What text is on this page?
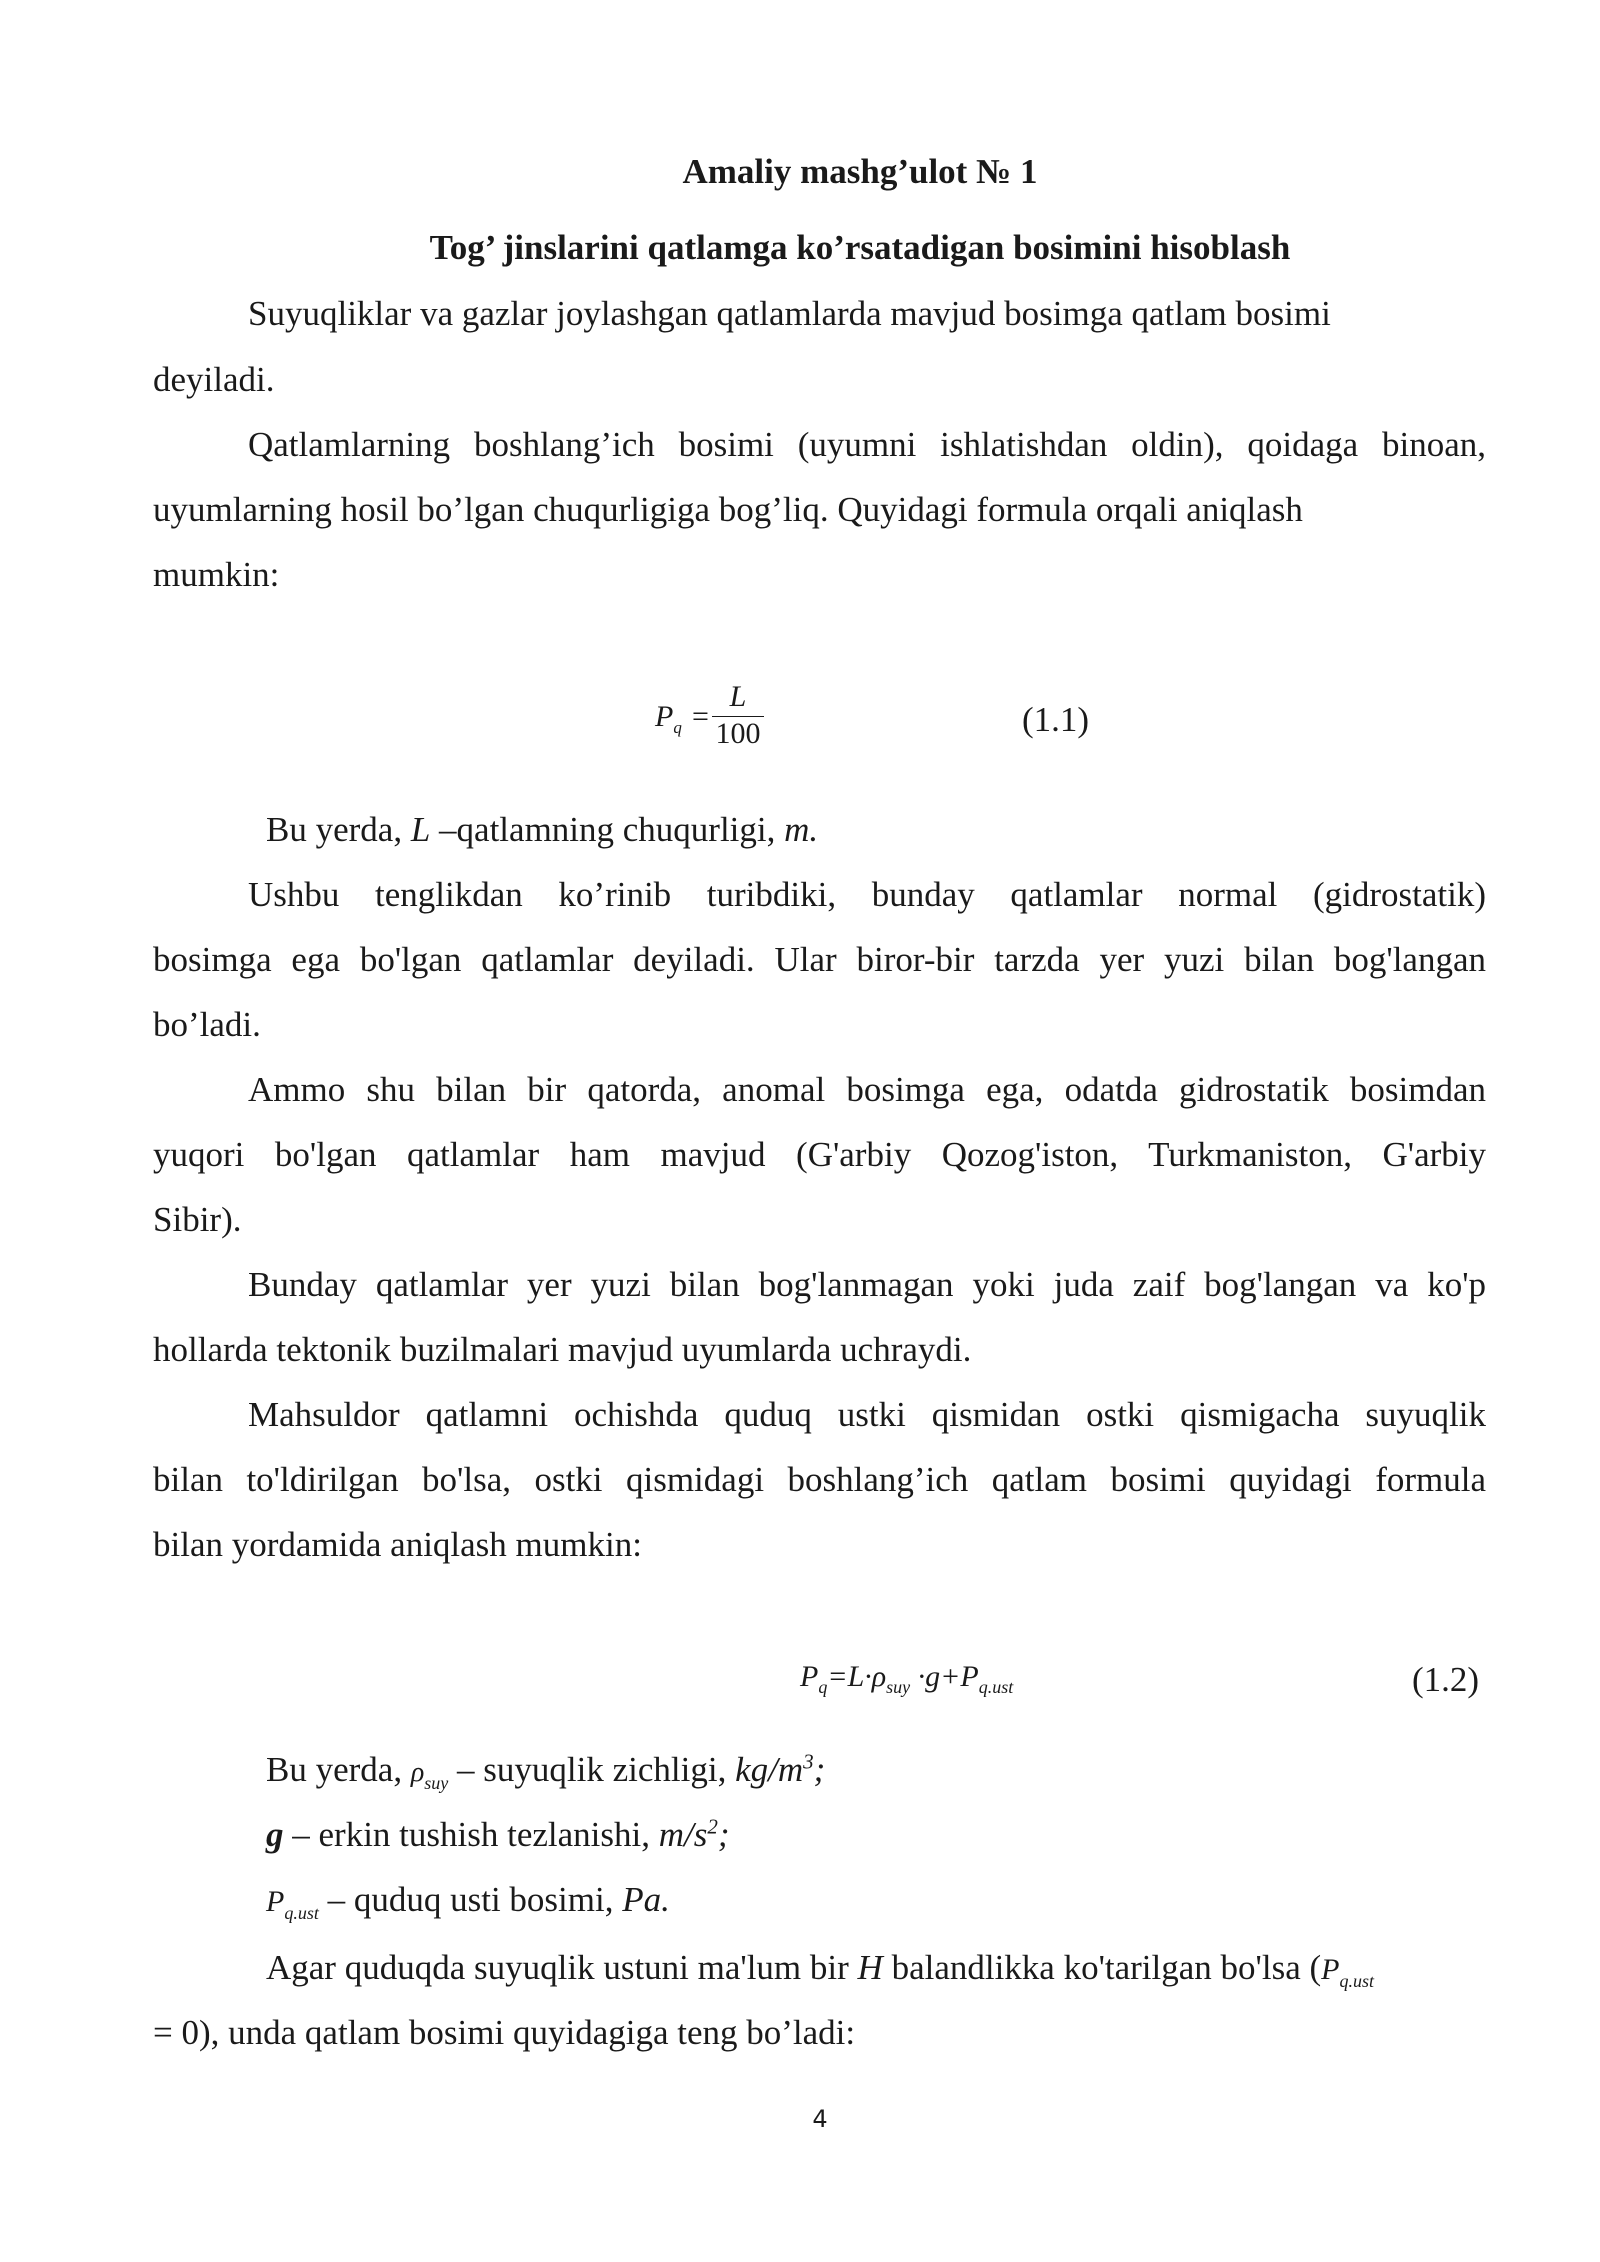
Amaliy mashg’ulot № 1
Tog’ jinslarini qatlamga ko’rsatadigan bosimini hisoblash
Suyuqliklar va gazlar joylashgan qatlamlarda mavjud bosimga qatlam bosimi
deyiladi.
Qatlamlarning boshlang’ich bosimi (uyumni ishlatishdan oldin), qoidaga binoan,
uyumlarning hosil bo’lgan chuqurligiga bog’liq. Quyidagi formula orqali aniqlash
mumkin:
$P_q$ =
L
100	(1.1)
Bu yerda, L –qatlamning chuqurligi, m.
Ushbu tenglikdan ko’rinib turibdiki, bunday qatlamlar normal (gidrostatik)
bosimga ega bo'lgan qatlamlar deyiladi. Ular biror-bir tarzda yer yuzi bilan bog'langan
bo’ladi.
Ammo shu bilan bir qatorda, anomal bosimga ega, odatda gidrostatik bosimdan
yuqori bo'lgan qatlamlar ham mavjud (G'arbiy Qozog'iston, Turkmaniston, G'arbiy
Sibir).
Bunday qatlamlar yer yuzi bilan bog'lanmagan yoki juda zaif bog'langan va ko'p
hollarda tektonik buzilmalari mavjud uyumlarda uchraydi.
Mahsuldor qatlamni ochishda quduq ustki qismidan ostki qismigacha suyuqlik
bilan to'ldirilgan bo'lsa, ostki qismidagi boshlang’ich qatlam bosimi quyidagi formula
bilan yordamida aniqlash mumkin:
$P_q=L\cdot\rho_{suy} \cdot g+P_{q.ust}$	(1.2)
Bu yerda, $\rho_{suy}$ – suyuqlik zichligi, $kg/m^3$;
g – erkin tushish tezlanishi, $m/s^2$;
$P_{q.ust}$ – quduq usti bosimi, Pa.
Agar quduqda suyuqlik ustuni ma'lum bir H balandlikka ko'tarilgan bo'lsa ($P_{q.ust}$
= 0), unda qatlam bosimi quyidagiga teng bo’ladi:
4
